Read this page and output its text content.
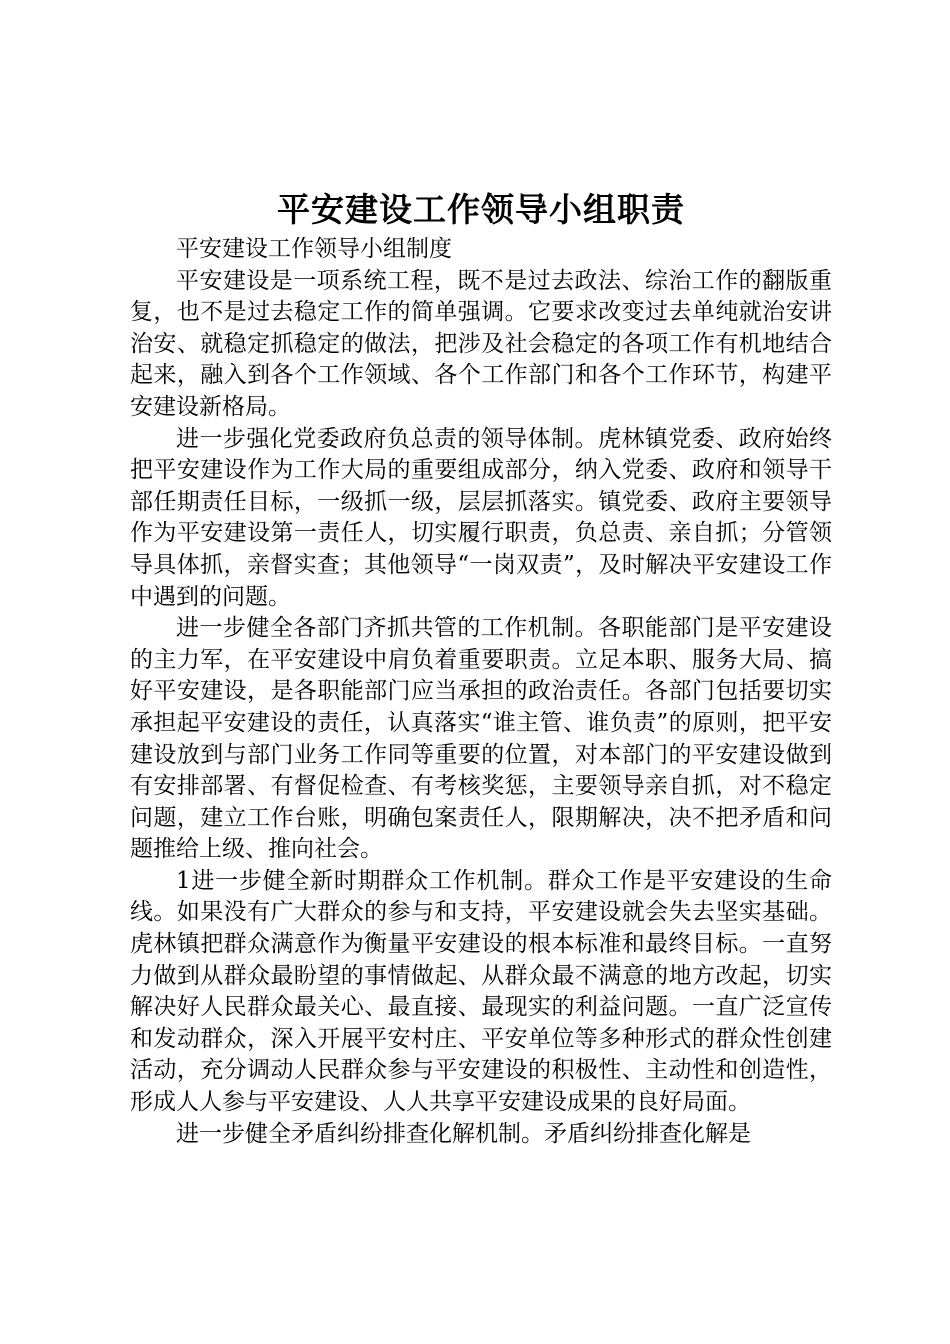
平安建设工作领导小组职责

平安建设工作领导小组制度

平安建设是一项系统工程，既不是过去政法、综治工作的翻版重复，也不是过去稳定工作的简单强调。它要求改变过去单纯就治安讲治安、就稳定抓稳定的做法，把涉及社会稳定的各项工作有机地结合起来，融入到各个工作领域、各个工作部门和各个工作环节，构建平安建设新格局。

进一步强化党委政府负总责的领导体制。虎林镇党委、政府始终把平安建设作为工作大局的重要组成部分，纳入党委、政府和领导干部任期责任目标，一级抓一级，层层抓落实。镇党委、政府主要领导作为平安建设第一责任人，切实履行职责，负总责、亲自抓；分管领导具体抓，亲督实查；其他领导“一岗双责”，及时解决平安建设工作中遇到的问题。

进一步健全各部门齐抓共管的工作机制。各职能部门是平安建设的主力军，在平安建设中肩负着重要职责。立足本职、服务大局、搞好平安建设，是各职能部门应当承担的政治责任。各部门包括要切实承担起平安建设的责任，认真落实“谁主管、谁负责”的原则，把平安建设放到与部门业务工作同等重要的位置，对本部门的平安建设做到有安排部署、有督促检查、有考核奖惩，主要领导亲自抓，对不稳定问题，建立工作台账，明确包案责任人，限期解决，决不把矛盾和问题推给上级、推向社会。

1进一步健全新时期群众工作机制。群众工作是平安建设的生命线。如果没有广大群众的参与和支持，平安建设就会失去坚实基础。虎林镇把群众满意作为衡量平安建设的根本标准和最终目标。一直努力做到从群众最盼望的事情做起、从群众最不满意的地方改起，切实解决好人民群众最关心、最直接、最现实的利益问题。一直广泛宣传和发动群众，深入开展平安村庄、平安单位等多种形式的群众性创建活动，充分调动人民群众参与平安建设的积极性、主动性和创造性，形成人人参与平安建设、人人共享平安建设成果的良好局面。

进一步健全矛盾纠纷排查化解机制。矛盾纠纷排查化解是
